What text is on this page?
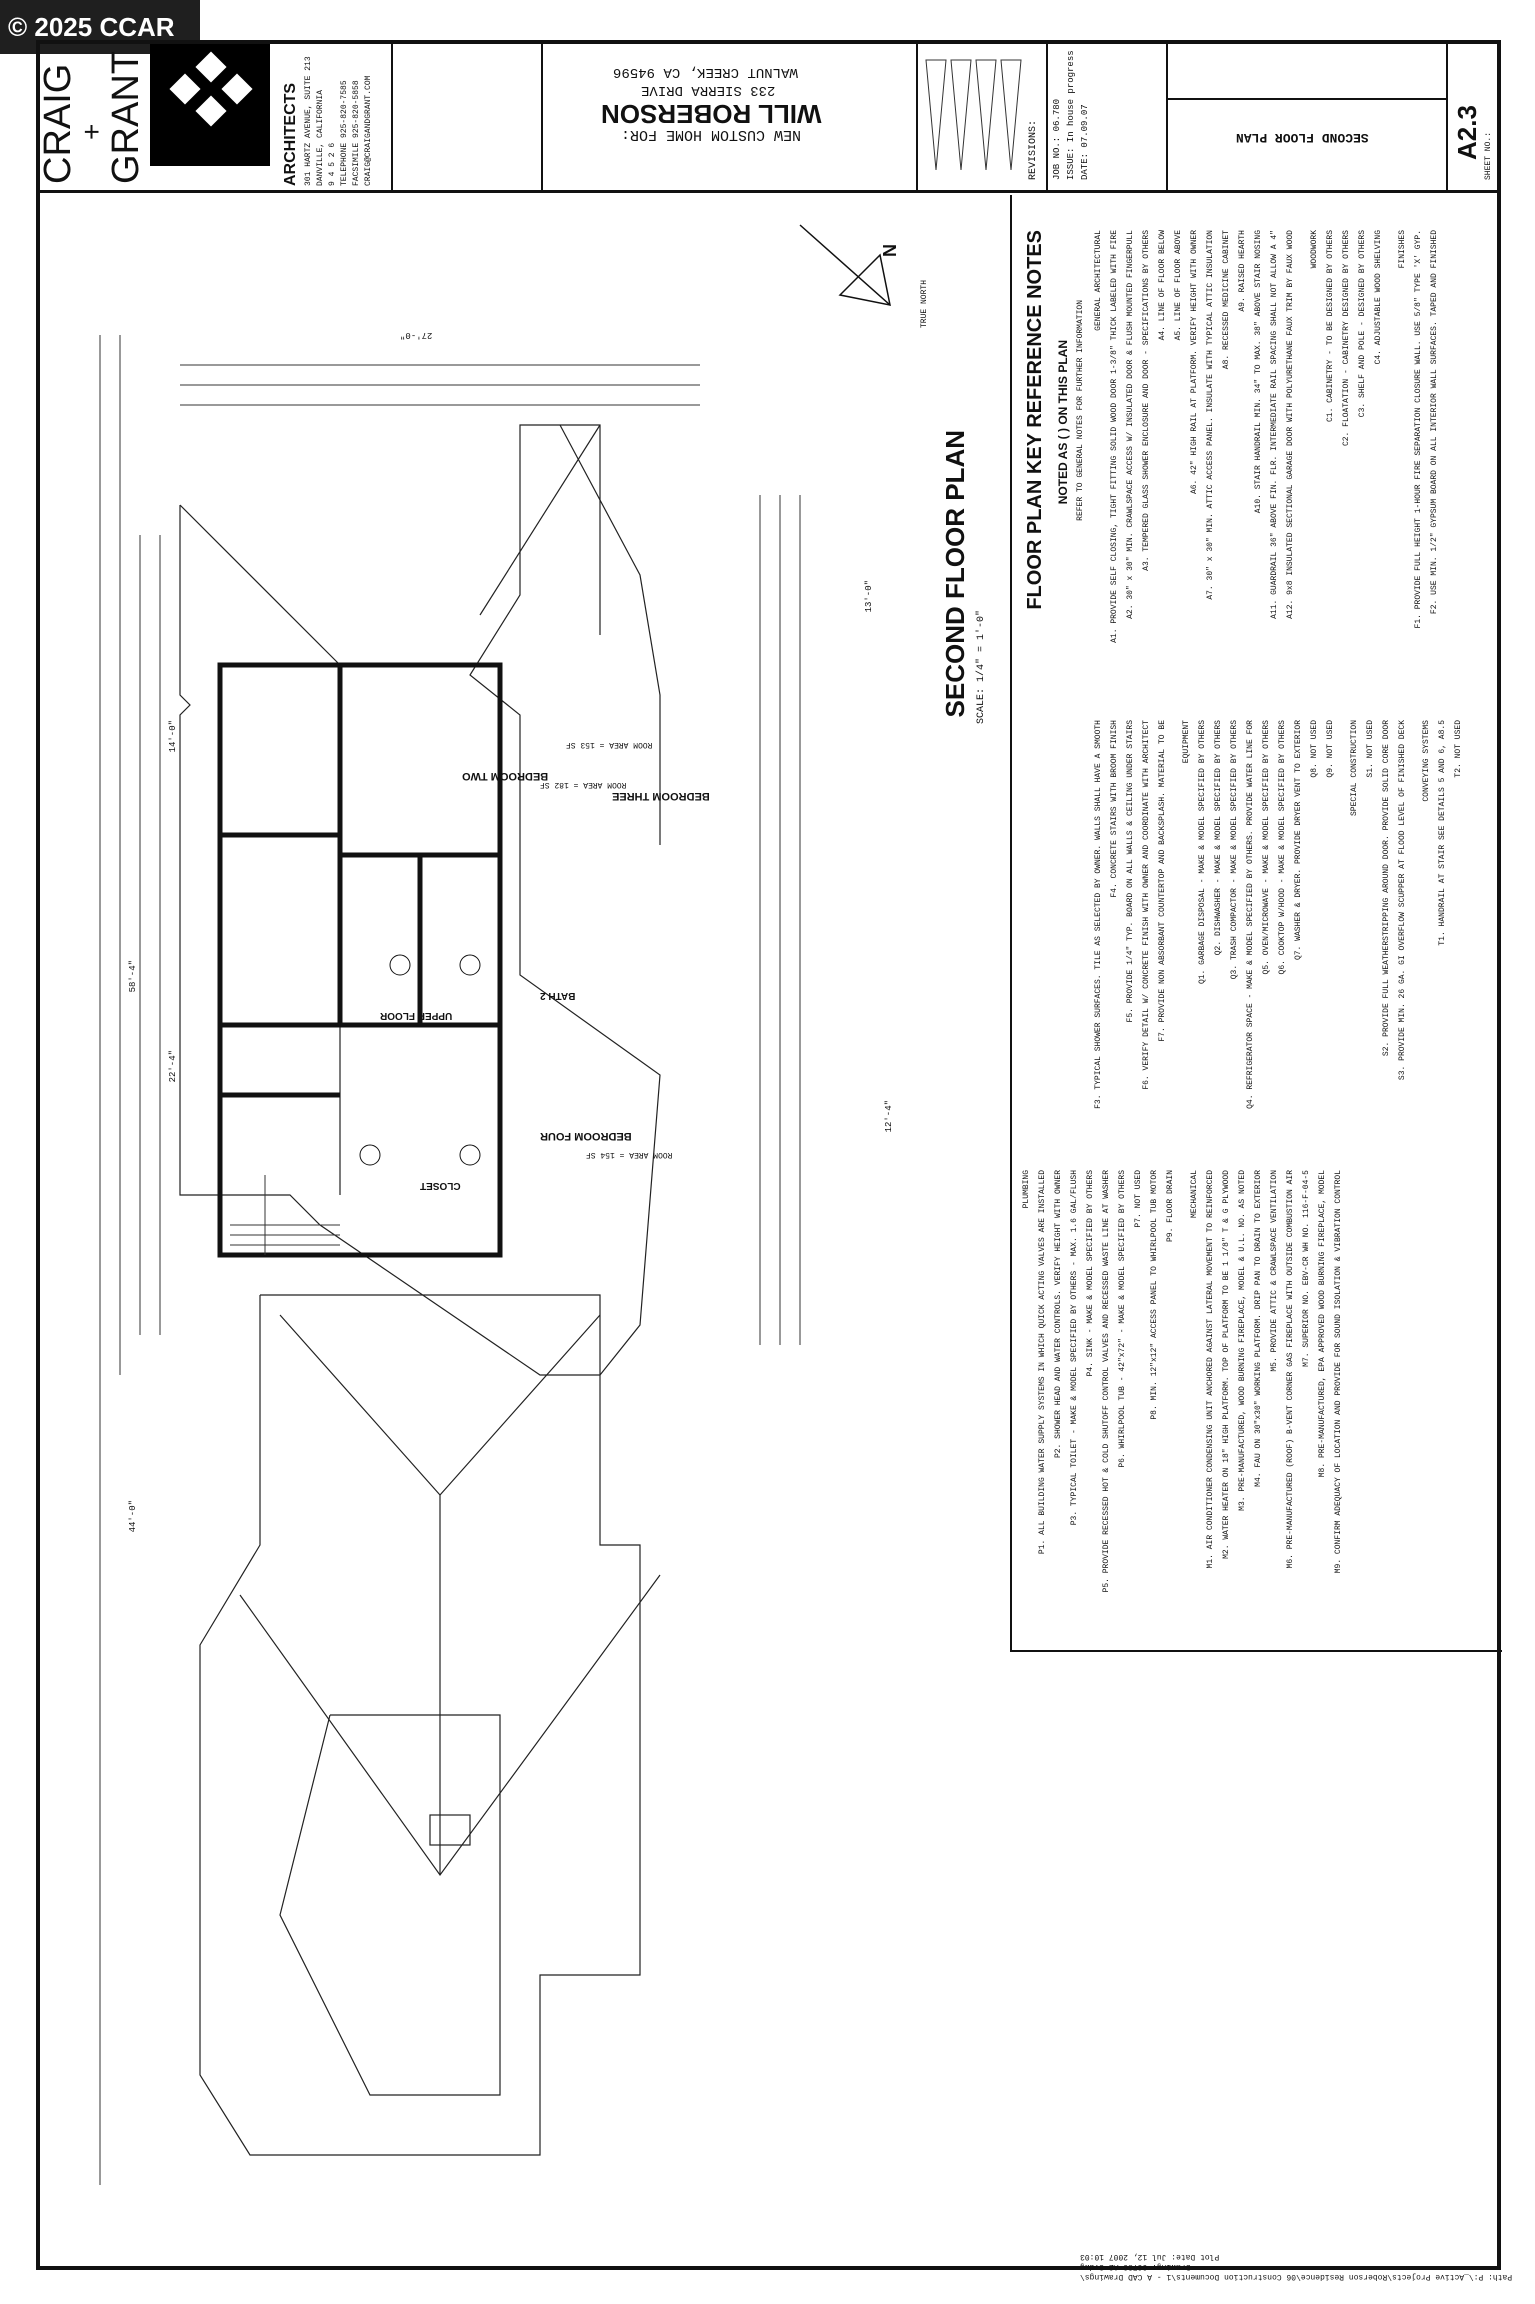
© 2025 CCAR
CRAIG
+
GRANT	ARCHITECTS 301 HARTZ AVENUE, SUITE 213 DANVILLE, CALIFORNIA 9 4 5 2 6 TELEPHONE 925-820-7585
FACSIMILE 925-820-5858 CRAIG@CRAIGANDGRANT.COM	NEW CUSTOM HOME FOR:
WILL ROBERSON
233 SIERRA DRIVE
WALNUT CREEK, CA 94596
REVISIONS: JOB NO.: 06.780
ISSUE: In house progress
DATE: 07.09.07	SECOND FLOOR PLAN	A2.3 SHEET NO.:
BEDROOM TWO
ROOM AREA = 153 SF
BEDROOM THREE
ROOM AREA = 182 SF
BEDROOM FOUR
ROOM AREA = 154 SF
BATH 2
UPPER FLOOR
CLOSET
44'-0"
58'-4"
14'-0"
22'-4"
27'-0"
13'-0"
12'-4"
SECOND FLOOR PLAN SCALE: 1/4" = 1'-0"
N
TRUE NORTH	FLOOR PLAN KEY REFERENCE NOTES NOTED AS ( ) ON THIS PLAN REFER TO GENERAL NOTES FOR FURTHER INFORMATION
GENERAL ARCHITECTURAL A1. PROVIDE SELF CLOSING, TIGHT FITTING SOLID WOOD DOOR 1-3/8" THICK LABELED WITH FIRE A2. 30" x 30" MIN. CRAWLSPACE ACCESS W/ INSULATED DOOR & FLUSH MOUNTED FINGERPULL A3. TEMPERED GLASS SHOWER ENCLOSURE AND DOOR - SPECIFICATIONS BY OTHERS A4. LINE OF FLOOR BELOW A5. LINE OF FLOOR ABOVE A6. 42" HIGH RAIL AT PLATFORM. VERIFY HEIGHT WITH OWNER A7. 30" x 30" MIN. ATTIC ACCESS PANEL. INSULATE WITH TYPICAL ATTIC INSULATION A8. RECESSED MEDICINE CABINET A9. RAISED HEARTH A10. STAIR HANDRAIL MIN. 34" TO MAX. 38" ABOVE STAIR NOSING A11. GUARDRAIL 36" ABOVE FIN. FLR. INTERMEDIATE RAIL SPACING SHALL NOT ALLOW A 4" A12. 9x8 INSULATED SECTIONAL GARAGE DOOR WITH POLYURETHANE FAUX TRIM BY FAUX WOOD	WOODWORK C1. CABINETRY - TO BE DESIGNED BY OTHERS C2. FLOATATION - CABINETRY DESIGNED BY OTHERS C3. SHELF AND POLE - DESIGNED BY OTHERS C4. ADJUSTABLE WOOD SHELVING	FINISHES F1. PROVIDE FULL HEIGHT 1-HOUR FIRE SEPARATION CLOSURE WALL. USE 5/8" TYPE 'X' GYP. F2. USE MIN. 1/2" GYPSUM BOARD ON ALL INTERIOR WALL SURFACES. TAPED AND FINISHED
F3. TYPICAL SHOWER SURFACES. TILE AS SELECTED BY OWNER. WALLS SHALL HAVE A SMOOTH F4. CONCRETE STAIRS WITH BROOM FINISH F5. PROVIDE 1/4" TYP. BOARD ON ALL WALLS & CEILING UNDER STAIRS F6. VERIFY DETAIL W/ CONCRETE FINISH WITH OWNER AND COORDINATE WITH ARCHITECT F7. PROVIDE NON ABSORBANT COUNTERTOP AND BACKSPLASH. MATERIAL TO BE	EQUIPMENT Q1. GARBAGE DISPOSAL - MAKE & MODEL SPECIFIED BY OTHERS Q2. DISHWASHER - MAKE & MODEL SPECIFIED BY OTHERS Q3. TRASH COMPACTOR - MAKE & MODEL SPECIFIED BY OTHERS Q4. REFRIGERATOR SPACE - MAKE & MODEL SPECIFIED BY OTHERS. PROVIDE WATER LINE FOR Q5. OVEN/MICROWAVE - MAKE & MODEL SPECIFIED BY OTHERS Q6. COOKTOP W/HOOD - MAKE & MODEL SPECIFIED BY OTHERS Q7. WASHER & DRYER. PROVIDE DRYER VENT TO EXTERIOR Q8. NOT USED Q9. NOT USED	SPECIAL CONSTRUCTION S1. NOT USED S2. PROVIDE FULL WEATHERSTRIPPING AROUND DOOR. PROVIDE SOLID CORE DOOR S3. PROVIDE MIN. 26 GA. GI OVERFLOW SCUPPER AT FLOOD LEVEL OF FINISHED DECK	CONVEYING SYSTEMS T1. HANDRAIL AT STAIR SEE DETAILS 5 AND 6, A8.5 T2. NOT USED
PLUMBING P1. ALL BUILDING WATER SUPPLY SYSTEMS IN WHICH QUICK ACTING VALVES ARE INSTALLED P2. SHOWER HEAD AND WATER CONTROLS. VERIFY HEIGHT WITH OWNER P3. TYPICAL TOILET - MAKE & MODEL SPECIFIED BY OTHERS - MAX. 1.6 GAL/FLUSH P4. SINK - MAKE & MODEL SPECIFIED BY OTHERS P5. PROVIDE RECESSED HOT & COLD SHUTOFF CONTROL VALVES AND RECESSED WASTE LINE AT WASHER P6. WHIRLPOOL TUB - 42"x72" - MAKE & MODEL SPECIFIED BY OTHERS P7. NOT USED P8. MIN. 12"x12" ACCESS PANEL TO WHIRLPOOL TUB MOTOR P9. FLOOR DRAIN	MECHANICAL M1. AIR CONDITIONER CONDENSING UNIT ANCHORED AGAINST LATERAL MOVEMENT TO REINFORCED M2. WATER HEATER ON 18" HIGH PLATFORM. TOP OF PLATFORM TO BE 1 1/8" T & G PLYWOOD M3. PRE-MANUFACTURED, WOOD BURNING FIREPLACE, MODEL & U.L. NO. AS NOTED M4. FAU ON 30"x30" WORKING PLATFORM. DRIP PAN TO DRAIN TO EXTERIOR M5. PROVIDE ATTIC & CRAWLSPACE VENTILATION M6. PRE-MANUFACTURED (ROOF) B-VENT CORNER GAS FIREPLACE WITH OUTSIDE COMBUSTION AIR M7. SUPERIOR NO. EBV-CR WH NO. 116-F-04-5 M8. PRE-MANUFACTURED, EPA APPROVED WOOD BURNING FIREPLACE, MODEL M9. CONFIRM ADEQUACY OF LOCATION AND PROVIDE FOR SOUND ISOLATION & VIBRATION CONTROL
Plot Date: Jul 12, 2007 10:03
Drawing: 06780-A2-3.dwg
Path: P:\_Active Projects\Roberson Residence\06 Construction Documents\1 - A CAD Drawings\
